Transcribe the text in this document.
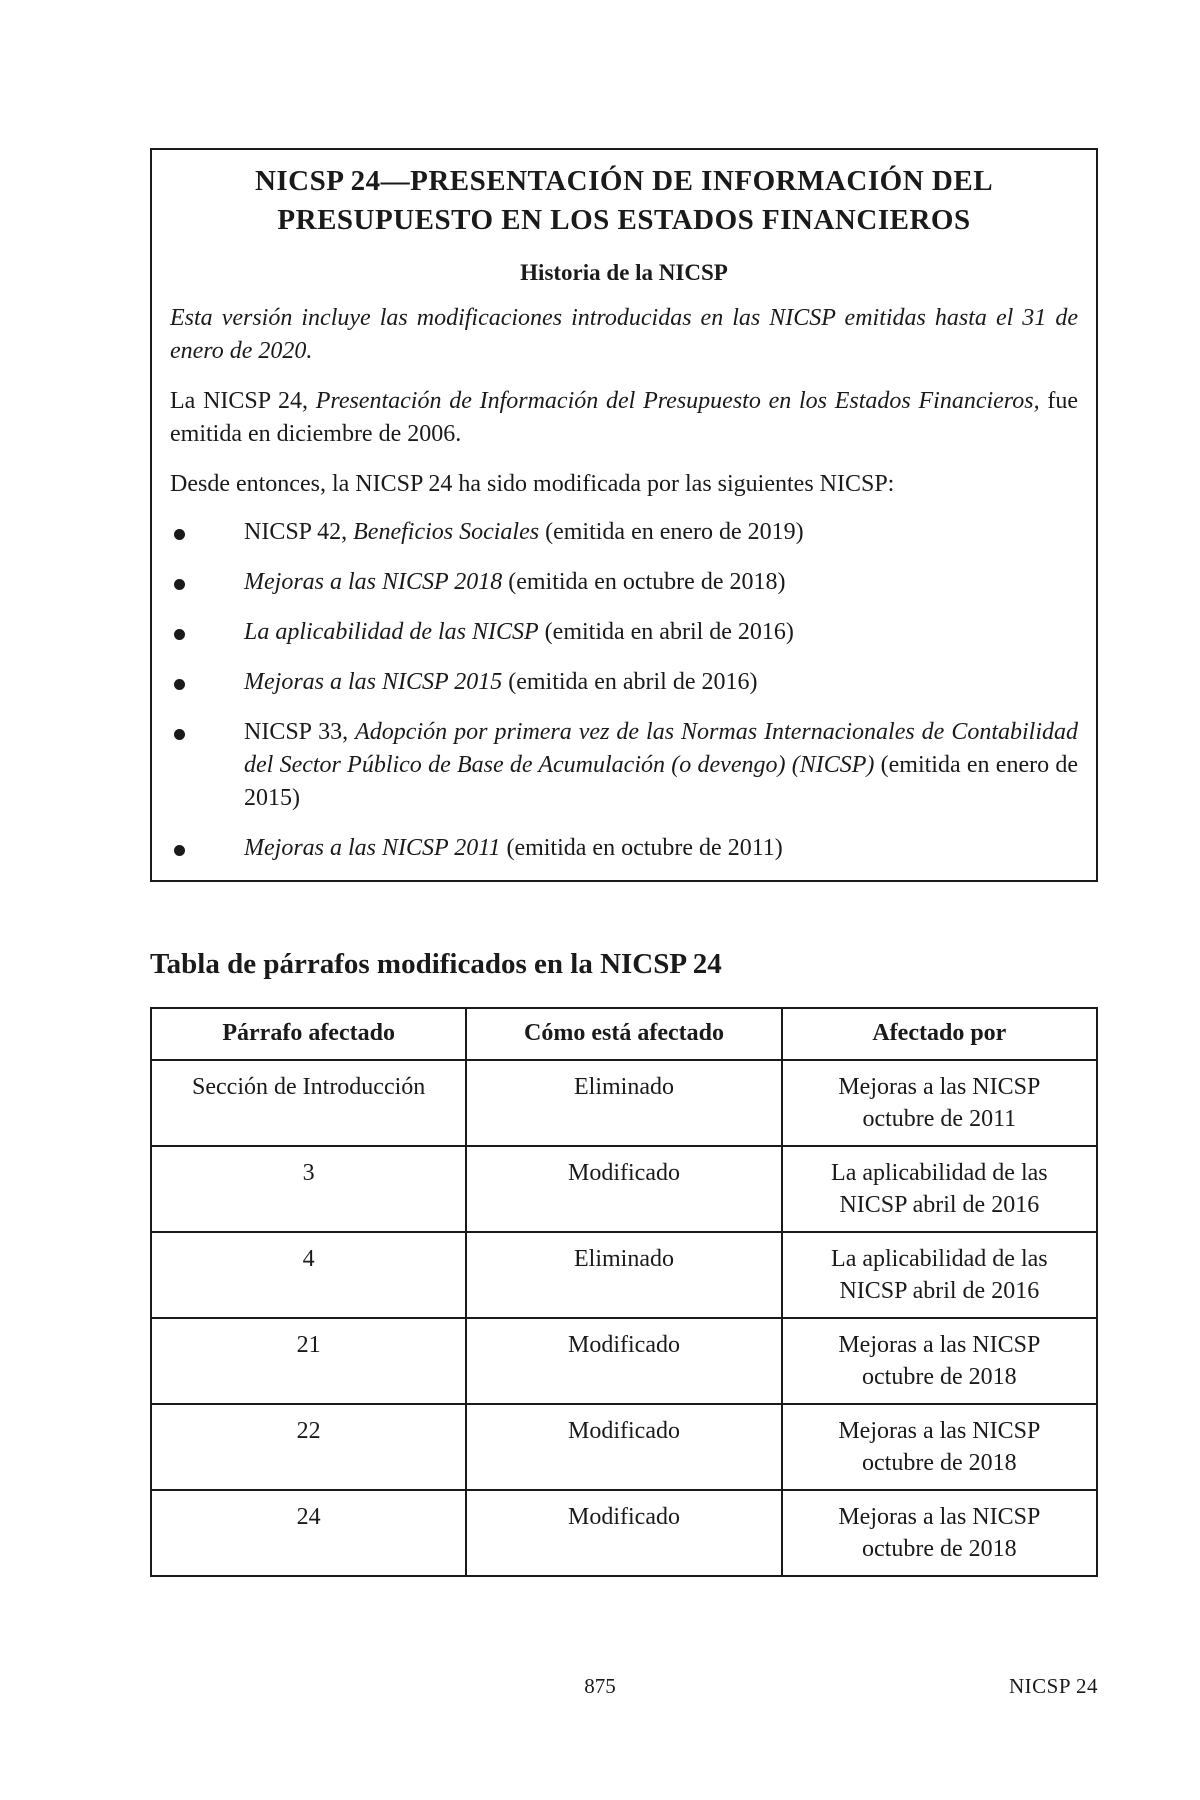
NICSP 24—PRESENTACIÓN DE INFORMACIÓN DEL
PRESUPUESTO EN LOS ESTADOS FINANCIEROS
Historia de la NICSP

Esta versión incluye las modificaciones introducidas en las NICSP emitidas hasta el 31 de enero de 2020.

La NICSP 24, Presentación de Información del Presupuesto en los Estados Financieros, fue emitida en diciembre de 2006.

Desde entonces, la NICSP 24 ha sido modificada por las siguientes NICSP:

NICSP 42, Beneficios Sociales (emitida en enero de 2019)
Mejoras a las NICSP 2018 (emitida en octubre de 2018)
La aplicabilidad de las NICSP (emitida en abril de 2016)
Mejoras a las NICSP 2015 (emitida en abril de 2016)
NICSP 33, Adopción por primera vez de las Normas Internacionales de Contabilidad del Sector Público de Base de Acumulación (o devengo) (NICSP) (emitida en enero de 2015)
Mejoras a las NICSP 2011 (emitida en octubre de 2011)
Tabla de párrafos modificados en la NICSP 24
Párrafo afectado	Cómo está afectado	Afectado por
Sección de Introducción	Eliminado	Mejoras a las NICSP
octubre de 2011
3	Modificado	La aplicabilidad de las
NICSP abril de 2016
4	Eliminado	La aplicabilidad de las
NICSP abril de 2016
21	Modificado	Mejoras a las NICSP
octubre de 2018
22	Modificado	Mejoras a las NICSP
octubre de 2018
24	Modificado	Mejoras a las NICSP
octubre de 2018
875	NICSP 24
